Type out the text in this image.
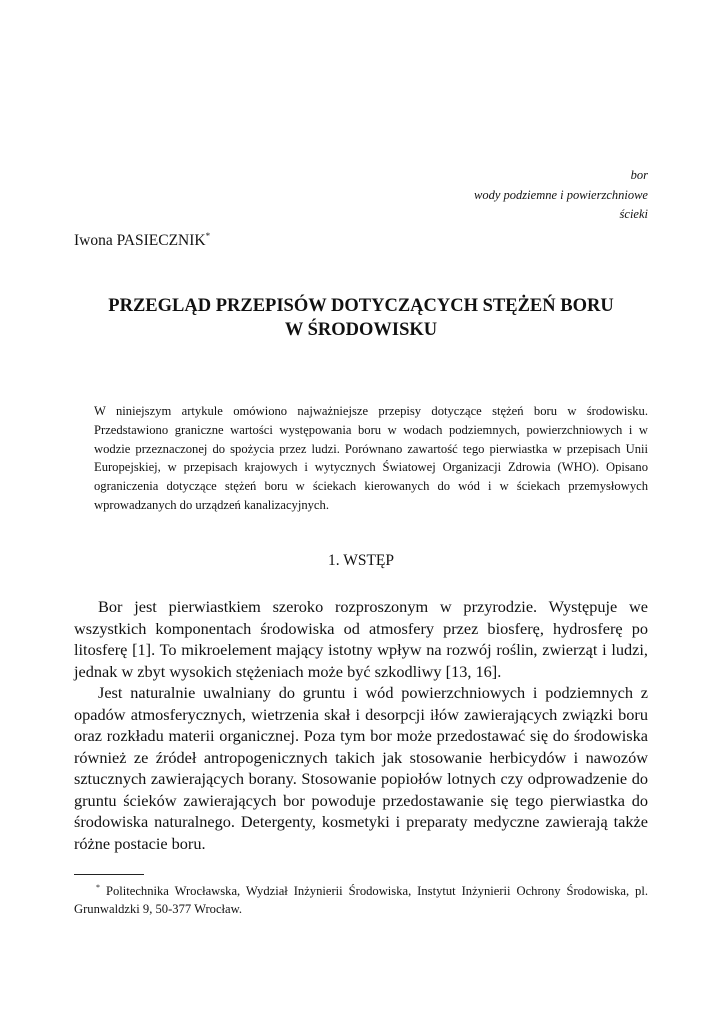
bor
wody podziemne i powierzchniowe
ścieki
Iwona PASIECZNIK*
PRZEGLĄD PRZEPISÓW DOTYCZĄCYCH STĘŻEŃ BORU
W ŚRODOWISKU
W niniejszym artykule omówiono najważniejsze przepisy dotyczące stężeń boru w środowisku. Przedstawiono graniczne wartości występowania boru w wodach podziemnych, powierzchniowych i w wodzie przeznaczonej do spożycia przez ludzi. Porównano zawartość tego pierwiastka w przepisach Unii Europejskiej, w przepisach krajowych i wytycznych Światowej Organizacji Zdrowia (WHO). Opisano ograniczenia dotyczące stężeń boru w ściekach kierowanych do wód i w ściekach przemysłowych wprowadzanych do urządzeń kanalizacyjnych.
1. WSTĘP

Bor jest pierwiastkiem szeroko rozproszonym w przyrodzie. Występuje we wszystkich komponentach środowiska od atmosfery przez biosferę, hydrosferę po litosferę [1]. To mikroelement mający istotny wpływ na rozwój roślin, zwierząt i ludzi, jednak w zbyt wysokich stężeniach może być szkodliwy [13, 16].

Jest naturalnie uwalniany do gruntu i wód powierzchniowych i podziemnych z opadów atmosferycznych, wietrzenia skał i desorpcji iłów zawierających związki boru oraz rozkładu materii organicznej. Poza tym bor może przedostawać się do środowiska również ze źródeł antropogenicznych takich jak stosowanie herbicydów i nawozów sztucznych zawierających borany. Stosowanie popiołów lotnych czy odprowadzenie do gruntu ścieków zawierających bor powoduje przedostawanie się tego pierwiastka do środowiska naturalnego. Detergenty, kosmetyki i preparaty medyczne zawierają także różne postacie boru.

* Politechnika Wrocławska, Wydział Inżynierii Środowiska, Instytut Inżynierii Ochrony Środowiska, pl. Grunwaldzki 9, 50-377 Wrocław.
